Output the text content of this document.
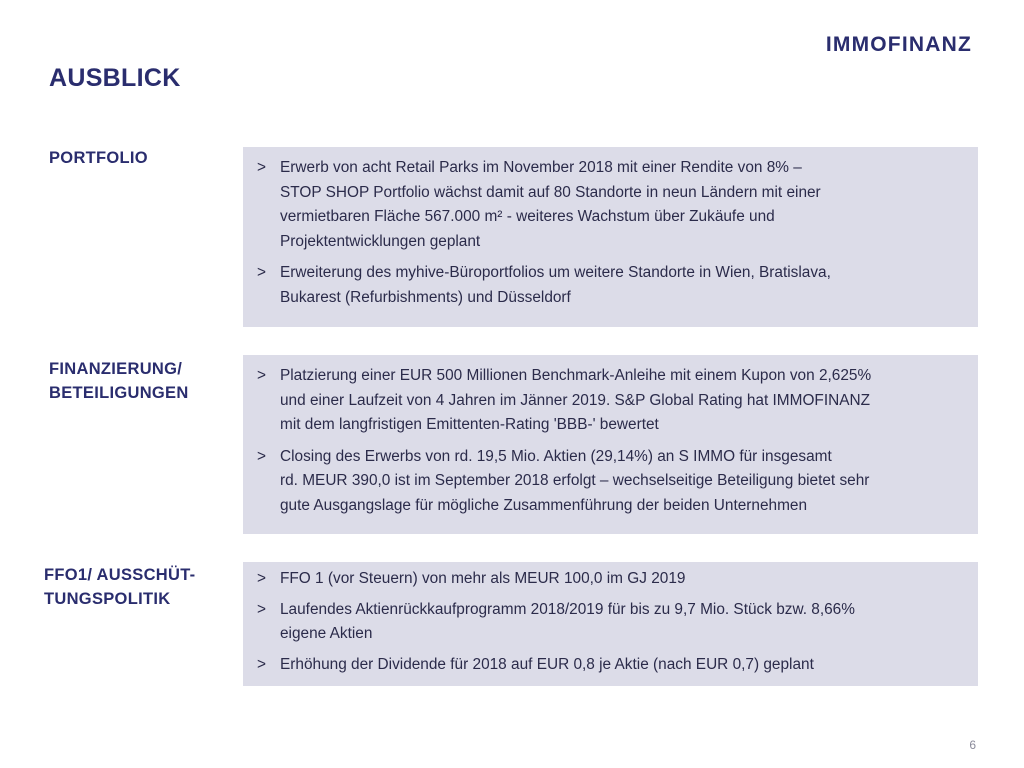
IMMOFINANZ
AUSBLICK
PORTFOLIO
> Erwerb von acht Retail Parks im November 2018 mit einer Rendite von 8% –
STOP SHOP Portfolio wächst damit auf 80 Standorte in neun Ländern mit einer
vermietbaren Fläche 567.000 m² - weiteres Wachstum über Zukäufe und
Projektentwicklungen geplant
> Erweiterung des myhive-Büroportfolios um weitere Standorte in Wien, Bratislava,
Bukarest (Refurbishments) und Düsseldorf
FINANZIERUNG/
BETEILIGUNGEN
> Platzierung einer EUR 500 Millionen Benchmark-Anleihe mit einem Kupon von 2,625%
und einer Laufzeit von 4 Jahren im Jänner 2019. S&P Global Rating hat IMMOFINANZ
mit dem langfristigen Emittenten-Rating 'BBB-' bewertet
> Closing des Erwerbs von rd. 19,5 Mio. Aktien (29,14%) an S IMMO für insgesamt
rd. MEUR 390,0 ist im September 2018 erfolgt – wechselseitige Beteiligung bietet sehr
gute Ausgangslage für mögliche Zusammenführung der beiden Unternehmen
FFO1/ AUSSCHÜT-
TUNGSPOLITIK
> FFO 1 (vor Steuern) von mehr als MEUR 100,0 im GJ 2019
> Laufendes Aktienrückkaufprogramm 2018/2019 für bis zu 9,7 Mio. Stück bzw. 8,66%
eigene Aktien
> Erhöhung der Dividende für 2018 auf EUR 0,8 je Aktie (nach EUR 0,7) geplant
6
